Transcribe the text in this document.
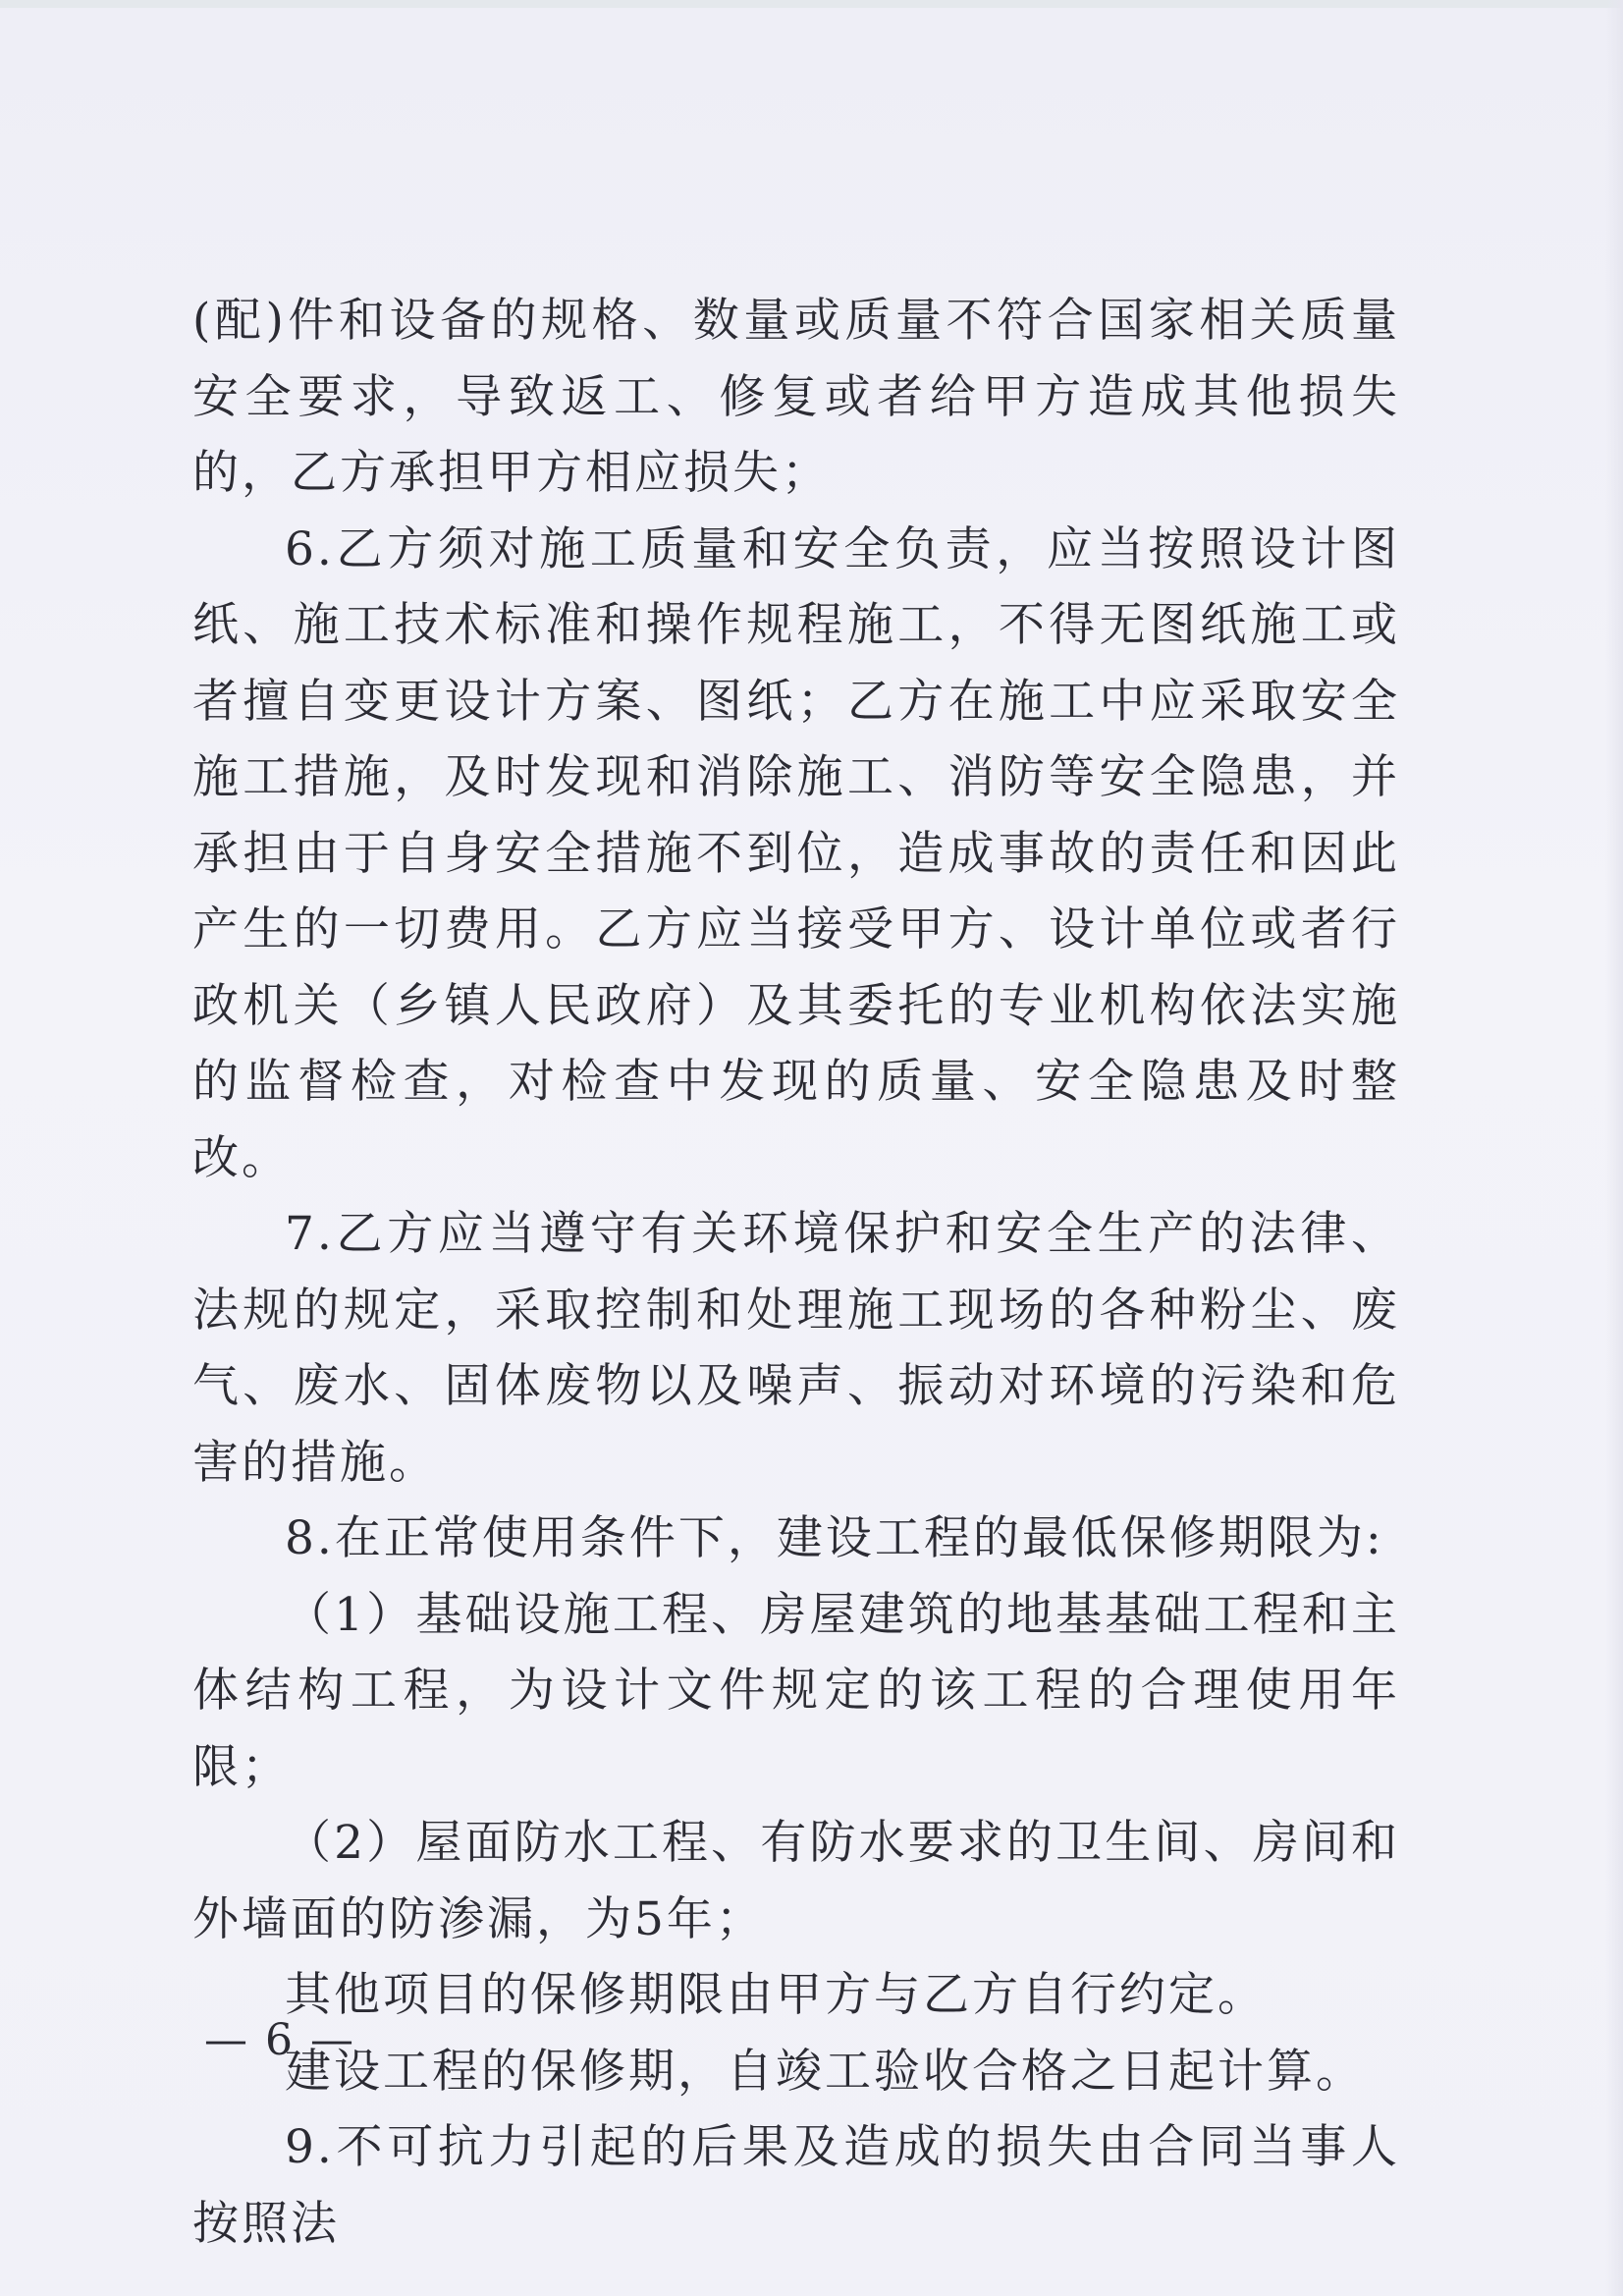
(配)件和设备的规格、数量或质量不符合国家相关质量安全要求，导致返工、修复或者给甲方造成其他损失的，乙方承担甲方相应损失；

6.乙方须对施工质量和安全负责，应当按照设计图纸、施工技术标准和操作规程施工，不得无图纸施工或者擅自变更设计方案、图纸；乙方在施工中应采取安全施工措施，及时发现和消除施工、消防等安全隐患，并承担由于自身安全措施不到位，造成事故的责任和因此产生的一切费用。乙方应当接受甲方、设计单位或者行政机关（乡镇人民政府）及其委托的专业机构依法实施的监督检查，对检查中发现的质量、安全隐患及时整改。

7.乙方应当遵守有关环境保护和安全生产的法律、法规的规定，采取控制和处理施工现场的各种粉尘、废气、废水、固体废物以及噪声、振动对环境的污染和危害的措施。

8.在正常使用条件下，建设工程的最低保修期限为:

（1）基础设施工程、房屋建筑的地基基础工程和主体结构工程，为设计文件规定的该工程的合理使用年限；

（2）屋面防水工程、有防水要求的卫生间、房间和外墙面的防渗漏，为5年；

其他项目的保修期限由甲方与乙方自行约定。

建设工程的保修期，自竣工验收合格之日起计算。

9.不可抗力引起的后果及造成的损失由合同当事人按照法

— 6 —
